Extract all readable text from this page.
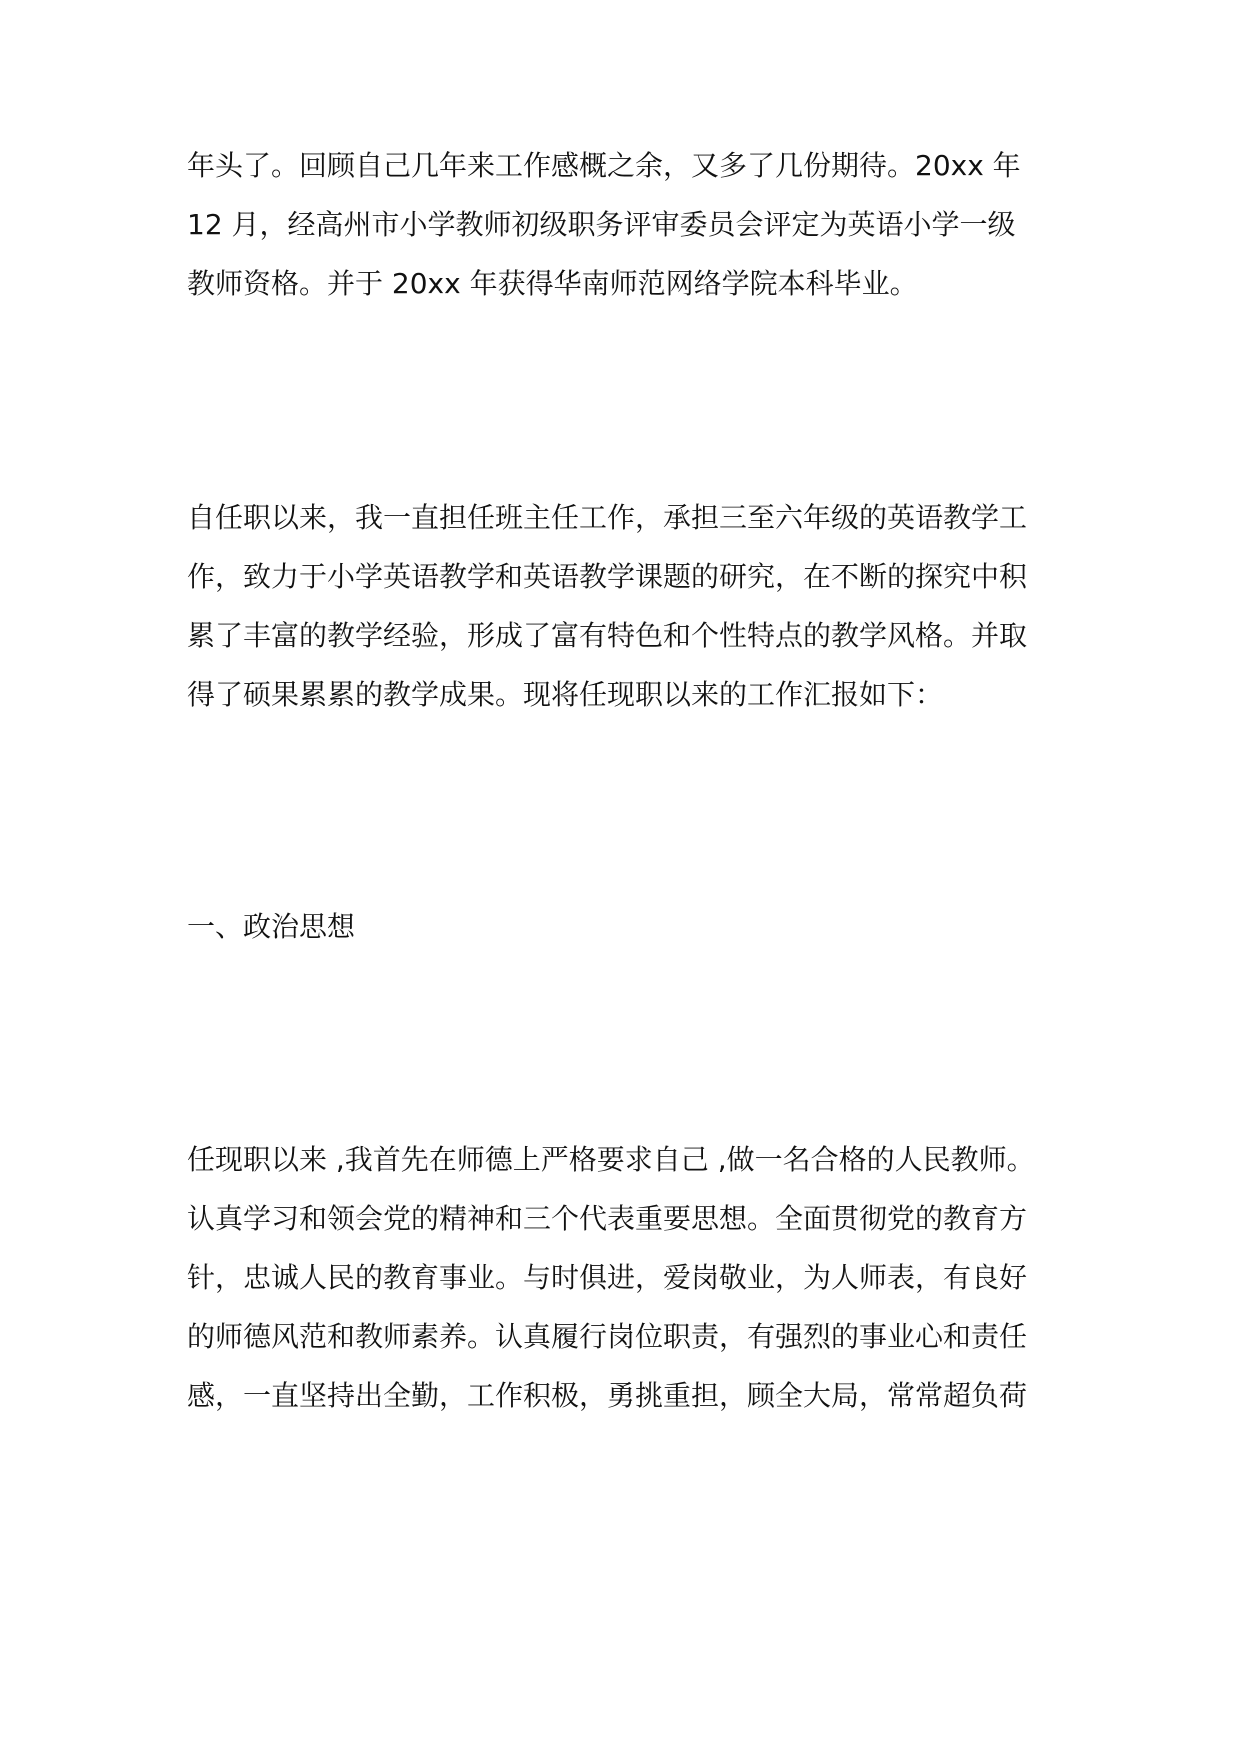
年头了。回顾自己几年来工作感概之余，又多了几份期待。20xx 年
12 月，经高州市小学教师初级职务评审委员会评定为英语小学一级
教师资格。并于 20xx 年获得华南师范网络学院本科毕业。
自任职以来，我一直担任班主任工作，承担三至六年级的英语教学工
作，致力于小学英语教学和英语教学课题的研究，在不断的探究中积
累了丰富的教学经验，形成了富有特色和个性特点的教学风格。并取
得了硕果累累的教学成果。现将任现职以来的工作汇报如下：
一、政治思想
任现职以来 ,我首先在师德上严格要求自己 ,做一名合格的人民教师。
认真学习和领会党的精神和三个代表重要思想。全面贯彻党的教育方
针，忠诚人民的教育事业。与时俱进，爱岗敬业，为人师表，有良好
的师德风范和教师素养。认真履行岗位职责，有强烈的事业心和责任
感，一直坚持出全勤，工作积极，勇挑重担，顾全大局，常常超负荷
